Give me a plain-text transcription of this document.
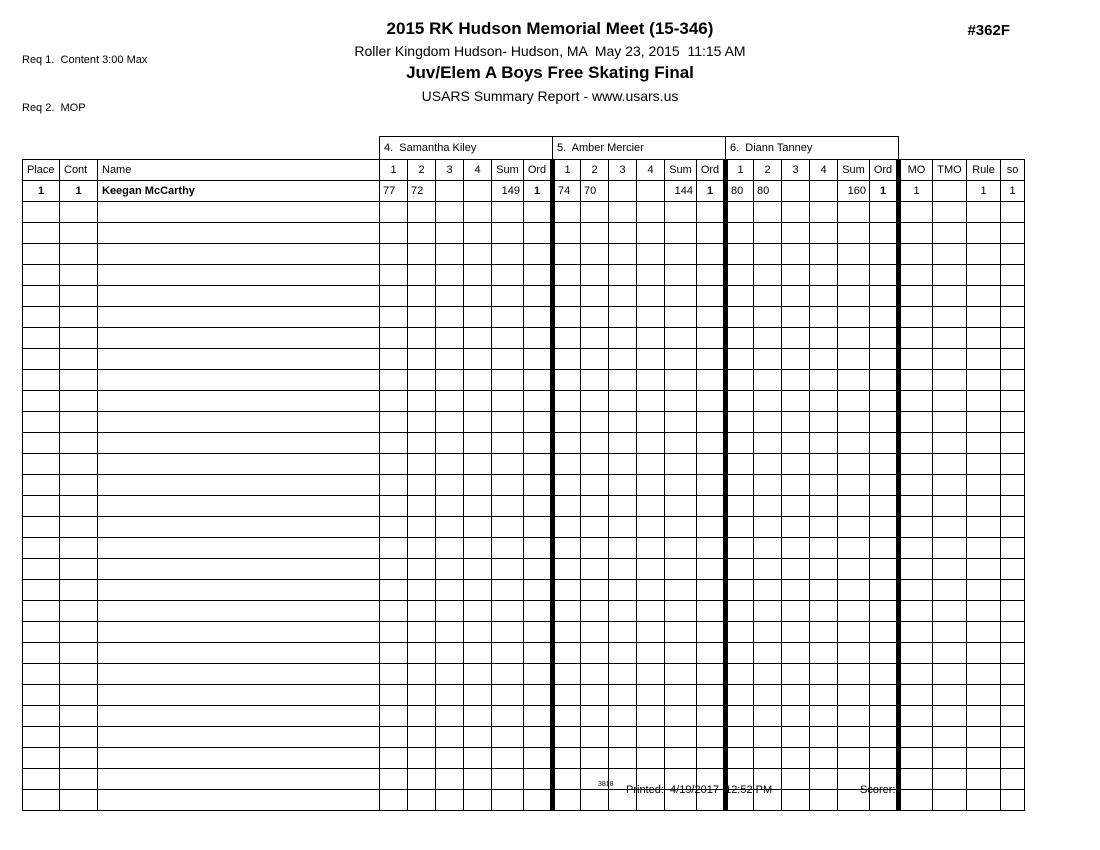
Req 1.  Content 3:00 Max

Req 2.  MOP

2015 RK Hudson Memorial Meet (15-346)
Roller Kingdom Hudson- Hudson, MA  May 23, 2015  11:15 AM
Juv/Elem A Boys Free Skating Final
USARS Summary Report - www.usars.us
#362F
			4.  Samantha Kiley						5.  Amber Mercier						6.  Diann Tanney									
Place	Cont	Name	1	2	3	4	Sum	Ord	1	2	3	4	Sum	Ord	1	2	3	4	Sum	Ord	MO	TMO	Rule	so
1	1	Keegan McCarthy	77	72			149	1	74	70			144	1	80	80			160	1	1		1	1

3818 Printed:  4/19/2017  12:52 PM	Scorer:
